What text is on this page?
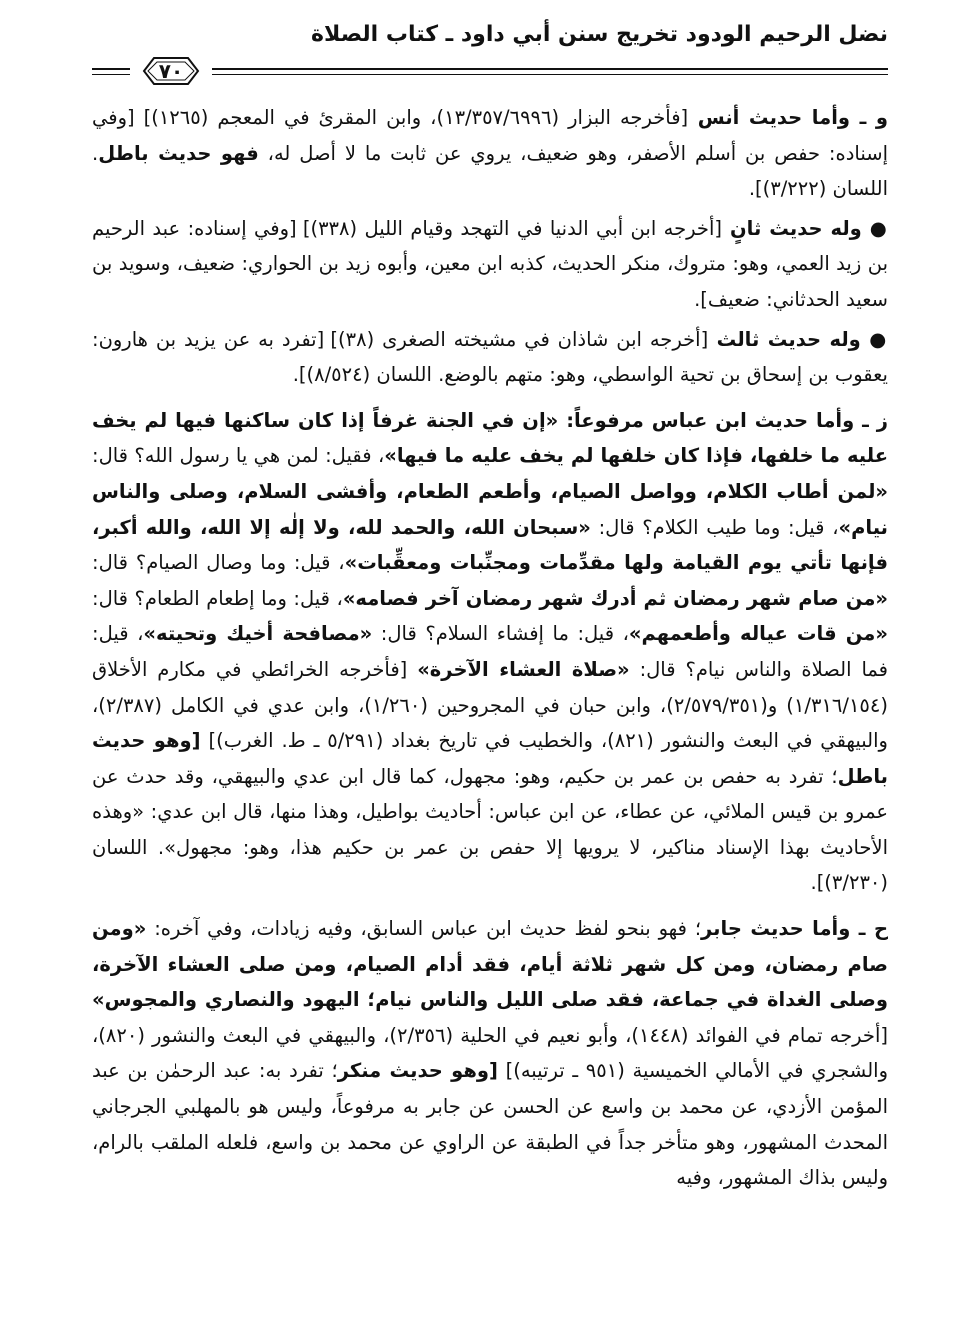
نضل الرحيم الودود تخريج سنن أبي داود ـ كتاب الصلاة
٧٠

و ـ وأما حديث أنس [فأخرجه البزار (١٣/٣٥٧/٦٩٩٦)، وابن المقرئ في المعجم (١٢٦٥)] [وفي إسناده: حفص بن أسلم الأصفر، وهو ضعيف، يروي عن ثابت ما لا أصل له، فهو حديث باطل. اللسان (٣/٢٢٢)].

● وله حديث ثانٍ [أخرجه ابن أبي الدنيا في التهجد وقيام الليل (٣٣٨)] [وفي إسناده: عبد الرحيم بن زيد العمي، وهو: متروك، منكر الحديث، كذبه ابن معين، وأبوه زيد بن الحواري: ضعيف، وسويد بن سعيد الحدثاني: ضعيف].

● وله حديث ثالث [أخرجه ابن شاذان في مشيخته الصغرى (٣٨)] [تفرد به عن يزيد بن هارون: يعقوب بن إسحاق بن تحية الواسطي، وهو: متهم بالوضع. اللسان (٨/٥٢٤)].

ز ـ وأما حديث ابن عباس مرفوعاً: «إن في الجنة غرفاً إذا كان ساكنها فيها لم يخف عليه ما خلفها، فإذا كان خلفها لم يخف عليه ما فيها»، فقيل: لمن هي يا رسول الله؟ قال: «لمن أطاب الكلام، وواصل الصيام، وأطعم الطعام، وأفشى السلام، وصلى والناس نيام»، قيل: وما طيب الكلام؟ قال: «سبحان الله، والحمد لله، ولا إلٰه إلا الله، والله أكبر، فإنها تأتي يوم القيامة ولها مقدِّمات ومجنِّبات ومعقِّبات»، قيل: وما وصال الصيام؟ قال: «من صام شهر رمضان ثم أدرك شهر رمضان آخر فصامه»، قيل: وما إطعام الطعام؟ قال: «من قات عياله وأطعمهم»، قيل: ما إفشاء السلام؟ قال: «مصافحة أخيك وتحيته»، قيل: فما الصلاة والناس نيام؟ قال: «صلاة العشاء الآخرة» [فأخرجه الخرائطي في مكارم الأخلاق (١/٣١٦/١٥٤) و(٢/٥٧٩/٣٥١)، وابن حبان في المجروحين (١/٢٦٠)، وابن عدي في الكامل (٢/٣٨٧)، والبيهقي في البعث والنشور (٨٢١)، والخطيب في تاريخ بغداد (٥/٢٩١ ـ ط. الغرب)] [وهو حديث باطل؛ تفرد به حفص بن عمر بن حكيم، وهو: مجهول، كما قال ابن عدي والبيهقي، وقد حدث عن عمرو بن قيس الملائي، عن عطاء، عن ابن عباس: أحاديث بواطيل، وهذا منها، قال ابن عدي: «وهذه الأحاديث بهذا الإسناد مناكير، لا يرويها إلا حفص بن عمر بن حكيم هذا، وهو: مجهول». اللسان (٣/٢٣٠)].

ح ـ وأما حديث جابر؛ فهو بنحو لفظ حديث ابن عباس السابق، وفيه زيادات، وفي آخره: «ومن صام رمضان، ومن كل شهر ثلاثة أيام، فقد أدام الصيام، ومن صلى العشاء الآخرة، وصلى الغداة في جماعة، فقد صلى الليل والناس نيام؛ اليهود والنصاري والمجوس» [أخرجه تمام في الفوائد (١٤٤٨)، وأبو نعيم في الحلية (٢/٣٥٦)، والبيهقي في البعث والنشور (٨٢٠)، والشجري في الأمالي الخميسية (٩٥١ ـ ترتيبه)] [وهو حديث منكر؛ تفرد به: عبد الرحمٰن بن عبد المؤمن الأزدي، عن محمد بن واسع عن الحسن عن جابر به مرفوعاً، وليس هو بالمهلبي الجرجاني المحدث المشهور، وهو متأخر جداً في الطبقة عن الراوي عن محمد بن واسع، فلعله الملقب بالرام، وليس بذاك المشهور، وفيه
